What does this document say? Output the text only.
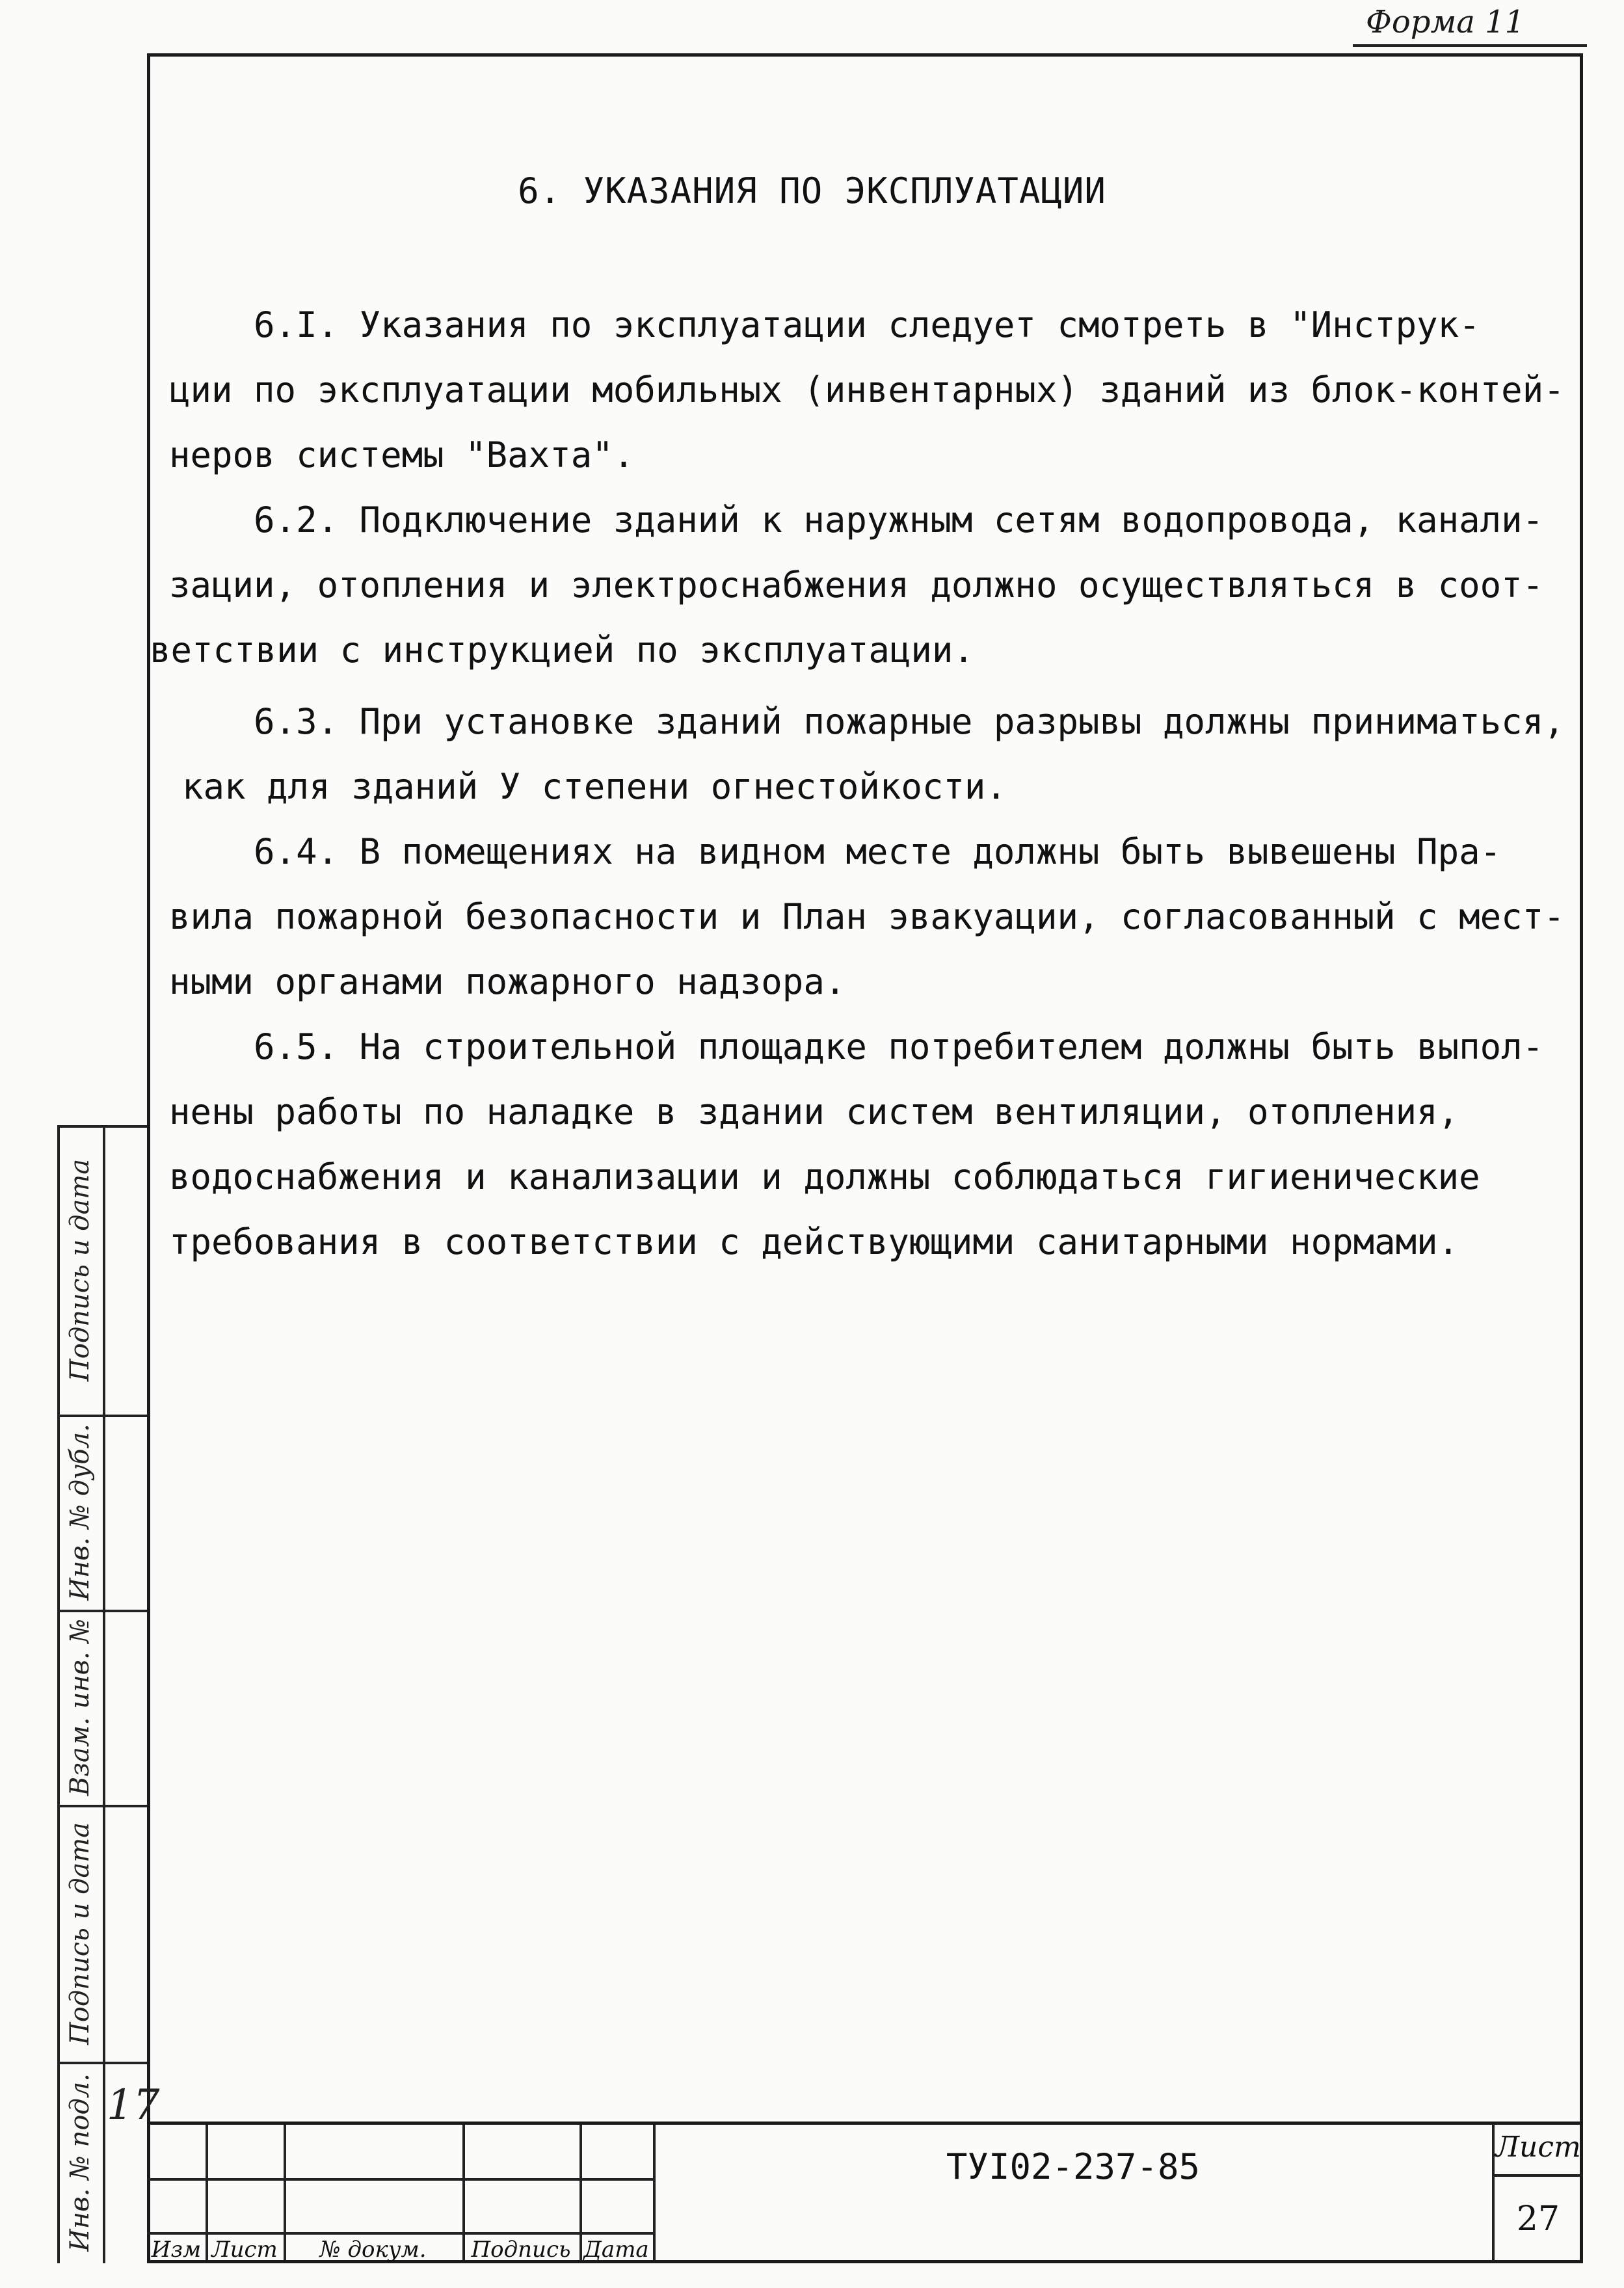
Форма 11
6. УКАЗАНИЯ ПО ЭКСПЛУАТАЦИИ
6.I. Указания по эксплуатации следует смотреть в "Инструк-
ции по эксплуатации мобильных (инвентарных) зданий из блок-контей-
неров системы "Вахта".
6.2. Подключение зданий к наружным сетям водопровода, канали-
зации, отопления и электроснабжения должно осуществляться в соот-
ветствии с инструкцией по эксплуатации.
6.3. При установке зданий пожарные разрывы должны приниматься,
как для зданий У степени огнестойкости.
6.4. В помещениях на видном месте должны быть вывешены Пра-
вила пожарной безопасности и План эвакуации, согласованный с мест-
ными органами пожарного надзора.
6.5. На строительной площадке потребителем должны быть выпол-
нены работы по наладке в здании систем вентиляции, отопления,
водоснабжения и канализации и должны соблюдаться гигиенические
требования в соответствии с действующими санитарными нормами.
Подпись и дата
Инв. № дубл.
Взам. инв. №
Подпись и дата
Инв. № подл. 17
Изм Лист	№ докум.	Подпись Дата
ТУI02-237-85	Лист
27
